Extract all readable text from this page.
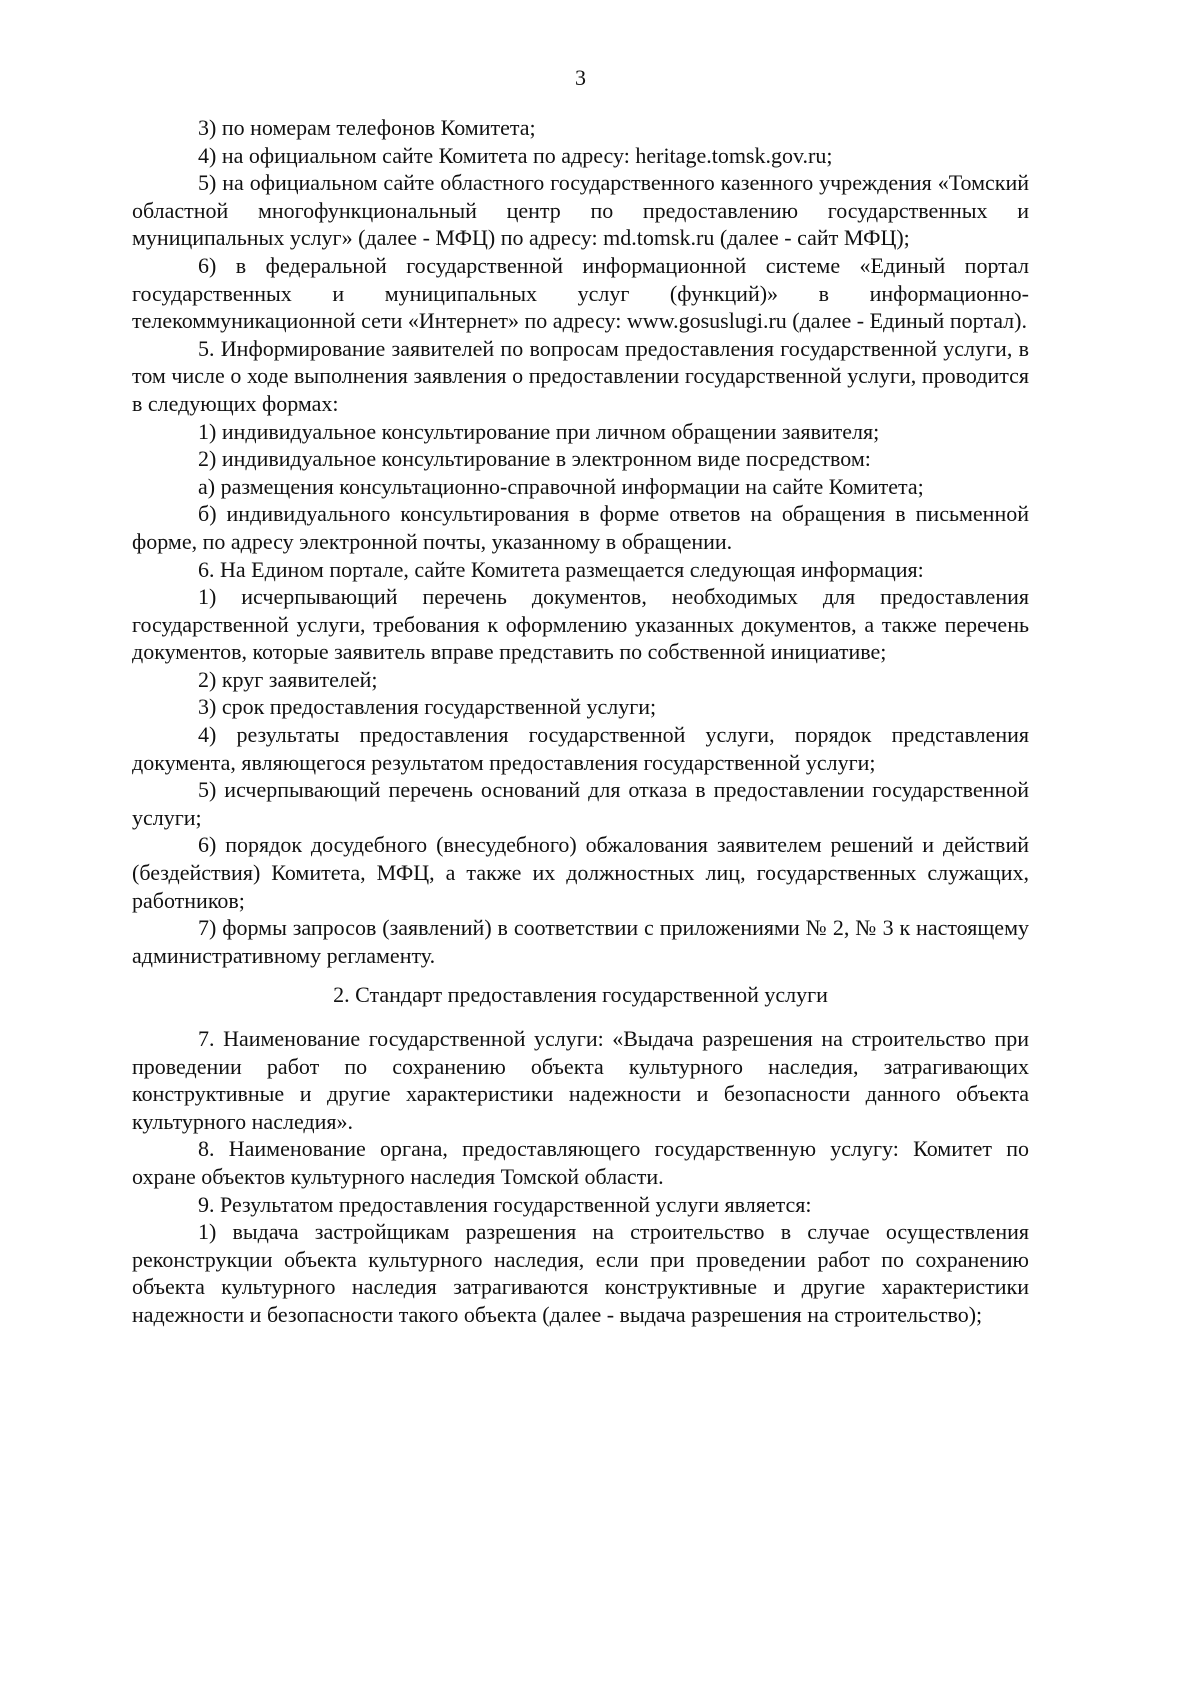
3

3) по номерам телефонов Комитета;

4) на официальном сайте Комитета по адресу: heritage.tomsk.gov.ru;

5) на официальном сайте областного государственного казенного учреждения «Томский областной многофункциональный центр по предоставлению государственных и муниципальных услуг» (далее - МФЦ) по адресу: md.tomsk.ru (далее - сайт МФЦ);

6) в федеральной государственной информационной системе «Единый портал государственных и муниципальных услуг (функций)» в информационно-телекоммуникационной сети «Интернет» по адресу: www.gosuslugi.ru (далее - Единый портал).

5. Информирование заявителей по вопросам предоставления государственной услуги, в том числе о ходе выполнения заявления о предоставлении государственной услуги, проводится в следующих формах:

1) индивидуальное консультирование при личном обращении заявителя;

2) индивидуальное консультирование в электронном виде посредством:

а) размещения консультационно-справочной информации на сайте Комитета;

б) индивидуального консультирования в форме ответов на обращения в письменной форме, по адресу электронной почты, указанному в обращении.

6. На Едином портале, сайте Комитета размещается следующая информация:

1) исчерпывающий перечень документов, необходимых для предоставления государственной услуги, требования к оформлению указанных документов, а также перечень документов, которые заявитель вправе представить по собственной инициативе;

2) круг заявителей;

3) срок предоставления государственной услуги;

4) результаты предоставления государственной услуги, порядок представления документа, являющегося результатом предоставления государственной услуги;

5) исчерпывающий перечень оснований для отказа в предоставлении государственной услуги;

6) порядок досудебного (внесудебного) обжалования заявителем решений и действий (бездействия) Комитета, МФЦ, а также их должностных лиц, государственных служащих, работников;

7) формы запросов (заявлений) в соответствии с приложениями № 2, № 3 к настоящему административному регламенту.

2. Стандарт предоставления государственной услуги

7. Наименование государственной услуги: «Выдача разрешения на строительство при проведении работ по сохранению объекта культурного наследия, затрагивающих конструктивные и другие характеристики надежности и безопасности данного объекта культурного наследия».

8. Наименование органа, предоставляющего государственную услугу: Комитет по охране объектов культурного наследия Томской области.

9. Результатом предоставления государственной услуги является:

1) выдача застройщикам разрешения на строительство в случае осуществления реконструкции объекта культурного наследия, если при проведении работ по сохранению объекта культурного наследия затрагиваются конструктивные и другие характеристики надежности и безопасности такого объекта (далее - выдача разрешения на строительство);
